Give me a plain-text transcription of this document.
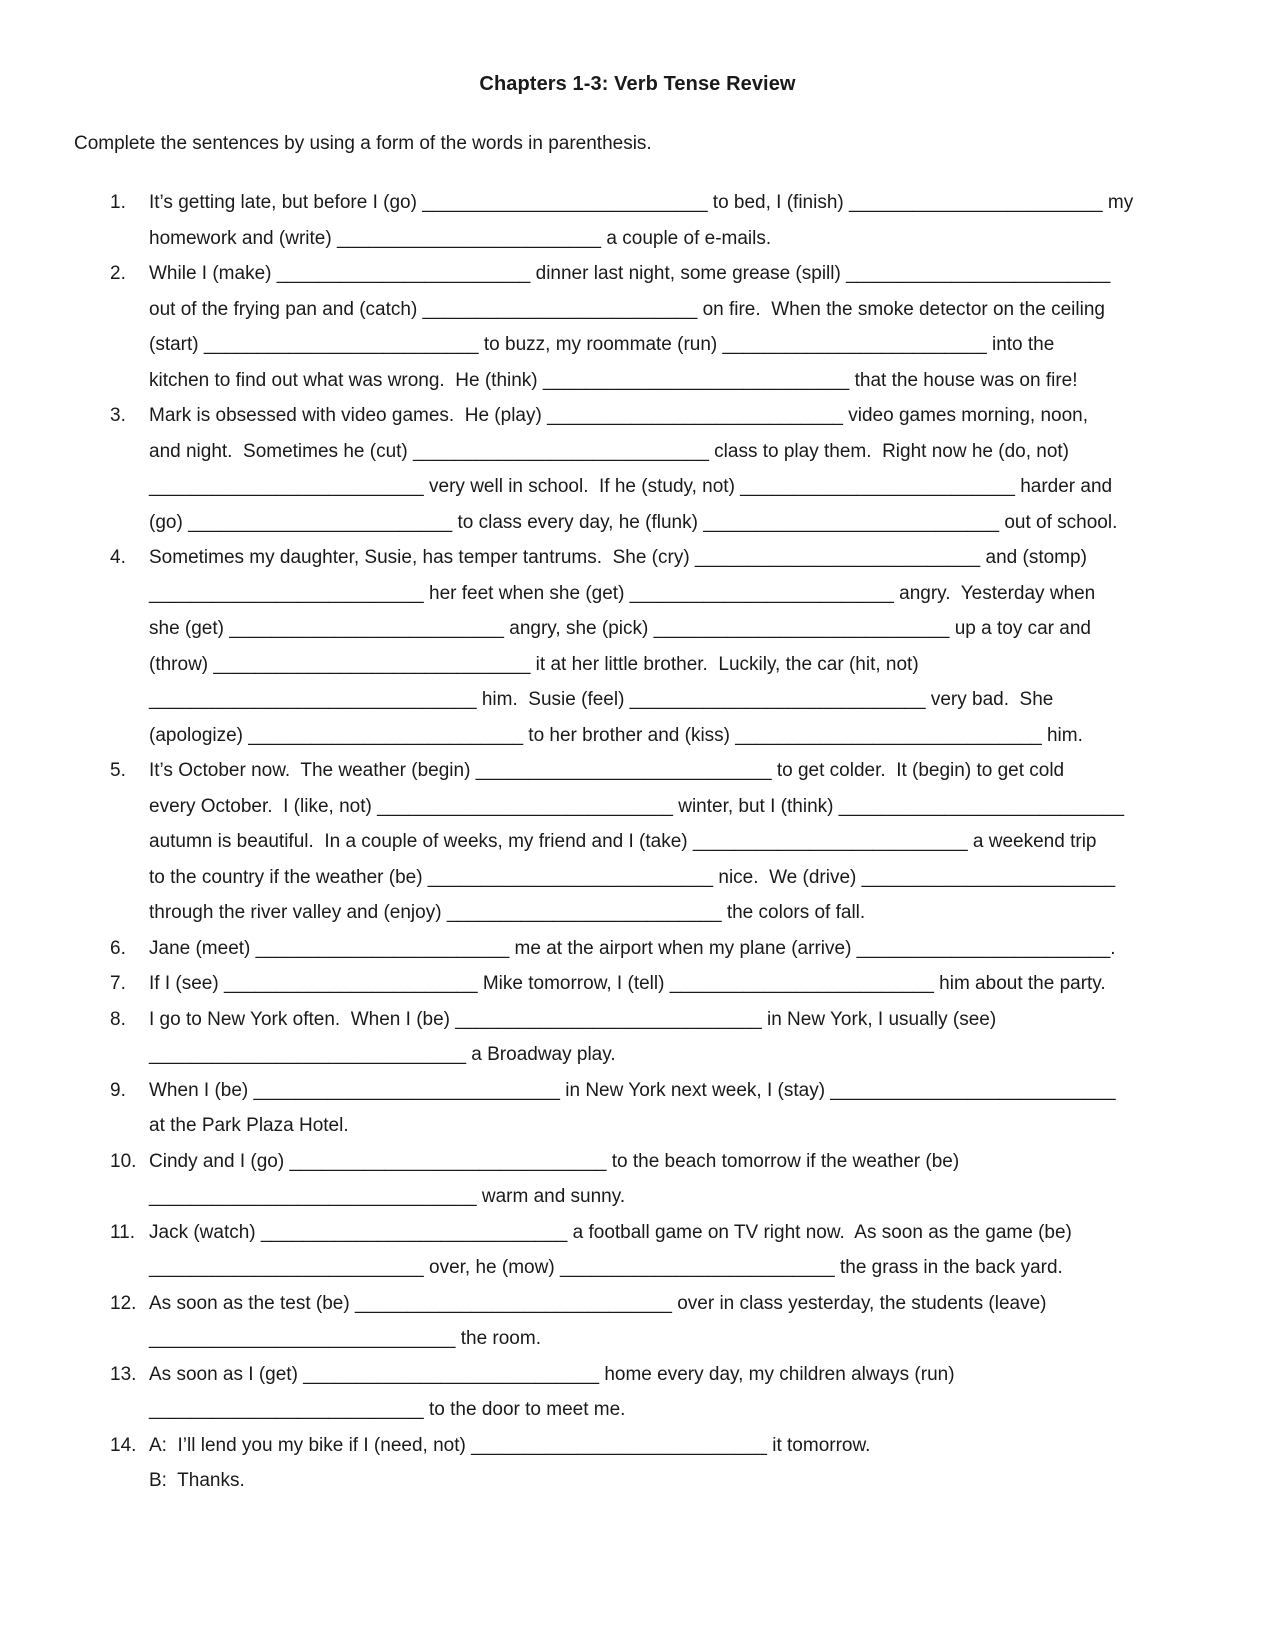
Chapters 1-3: Verb Tense Review
Complete the sentences by using a form of the words in parenthesis.
1. It’s getting late, but before I (go) ___________________________ to bed, I (finish) ________________________ my
homework and (write) _________________________ a couple of e-mails.
2. While I (make) ________________________ dinner last night, some grease (spill) _________________________
out of the frying pan and (catch) __________________________ on fire.  When the smoke detector on the ceiling
(start) __________________________ to buzz, my roommate (run) _________________________ into the
kitchen to find out what was wrong.  He (think) _____________________________ that the house was on fire!
3. Mark is obsessed with video games.  He (play) ____________________________ video games morning, noon,
and night.  Sometimes he (cut) ____________________________ class to play them.  Right now he (do, not)
__________________________ very well in school.  If he (study, not) __________________________ harder and
(go) _________________________ to class every day, he (flunk) ____________________________ out of school.
4. Sometimes my daughter, Susie, has temper tantrums.  She (cry) ___________________________ and (stomp)
__________________________ her feet when she (get) _________________________ angry.  Yesterday when
she (get) __________________________ angry, she (pick) ____________________________ up a toy car and
(throw) ______________________________ it at her little brother.  Luckily, the car (hit, not)
_______________________________ him.  Susie (feel) ____________________________ very bad.  She
(apologize) __________________________ to her brother and (kiss) _____________________________ him.
5. It’s October now.  The weather (begin) ____________________________ to get colder.  It (begin) to get cold
every October.  I (like, not) ____________________________ winter, but I (think) ___________________________
autumn is beautiful.  In a couple of weeks, my friend and I (take) __________________________ a weekend trip
to the country if the weather (be) ___________________________ nice.  We (drive) ________________________
through the river valley and (enjoy) __________________________ the colors of fall.
6. Jane (meet) ________________________ me at the airport when my plane (arrive) ________________________.
7. If I (see) ________________________ Mike tomorrow, I (tell) _________________________ him about the party.
8. I go to New York often.  When I (be) _____________________________ in New York, I usually (see)
______________________________ a Broadway play.
9. When I (be) _____________________________ in New York next week, I (stay) ___________________________
at the Park Plaza Hotel.
10. Cindy and I (go) ______________________________ to the beach tomorrow if the weather (be)
_______________________________ warm and sunny.
11. Jack (watch) _____________________________ a football game on TV right now.  As soon as the game (be)
__________________________ over, he (mow) __________________________ the grass in the back yard.
12. As soon as the test (be) ______________________________ over in class yesterday, the students (leave)
_____________________________ the room.
13. As soon as I (get) ____________________________ home every day, my children always (run)
__________________________ to the door to meet me.
14. A:  I’ll lend you my bike if I (need, not) ____________________________ it tomorrow.
B:  Thanks.
